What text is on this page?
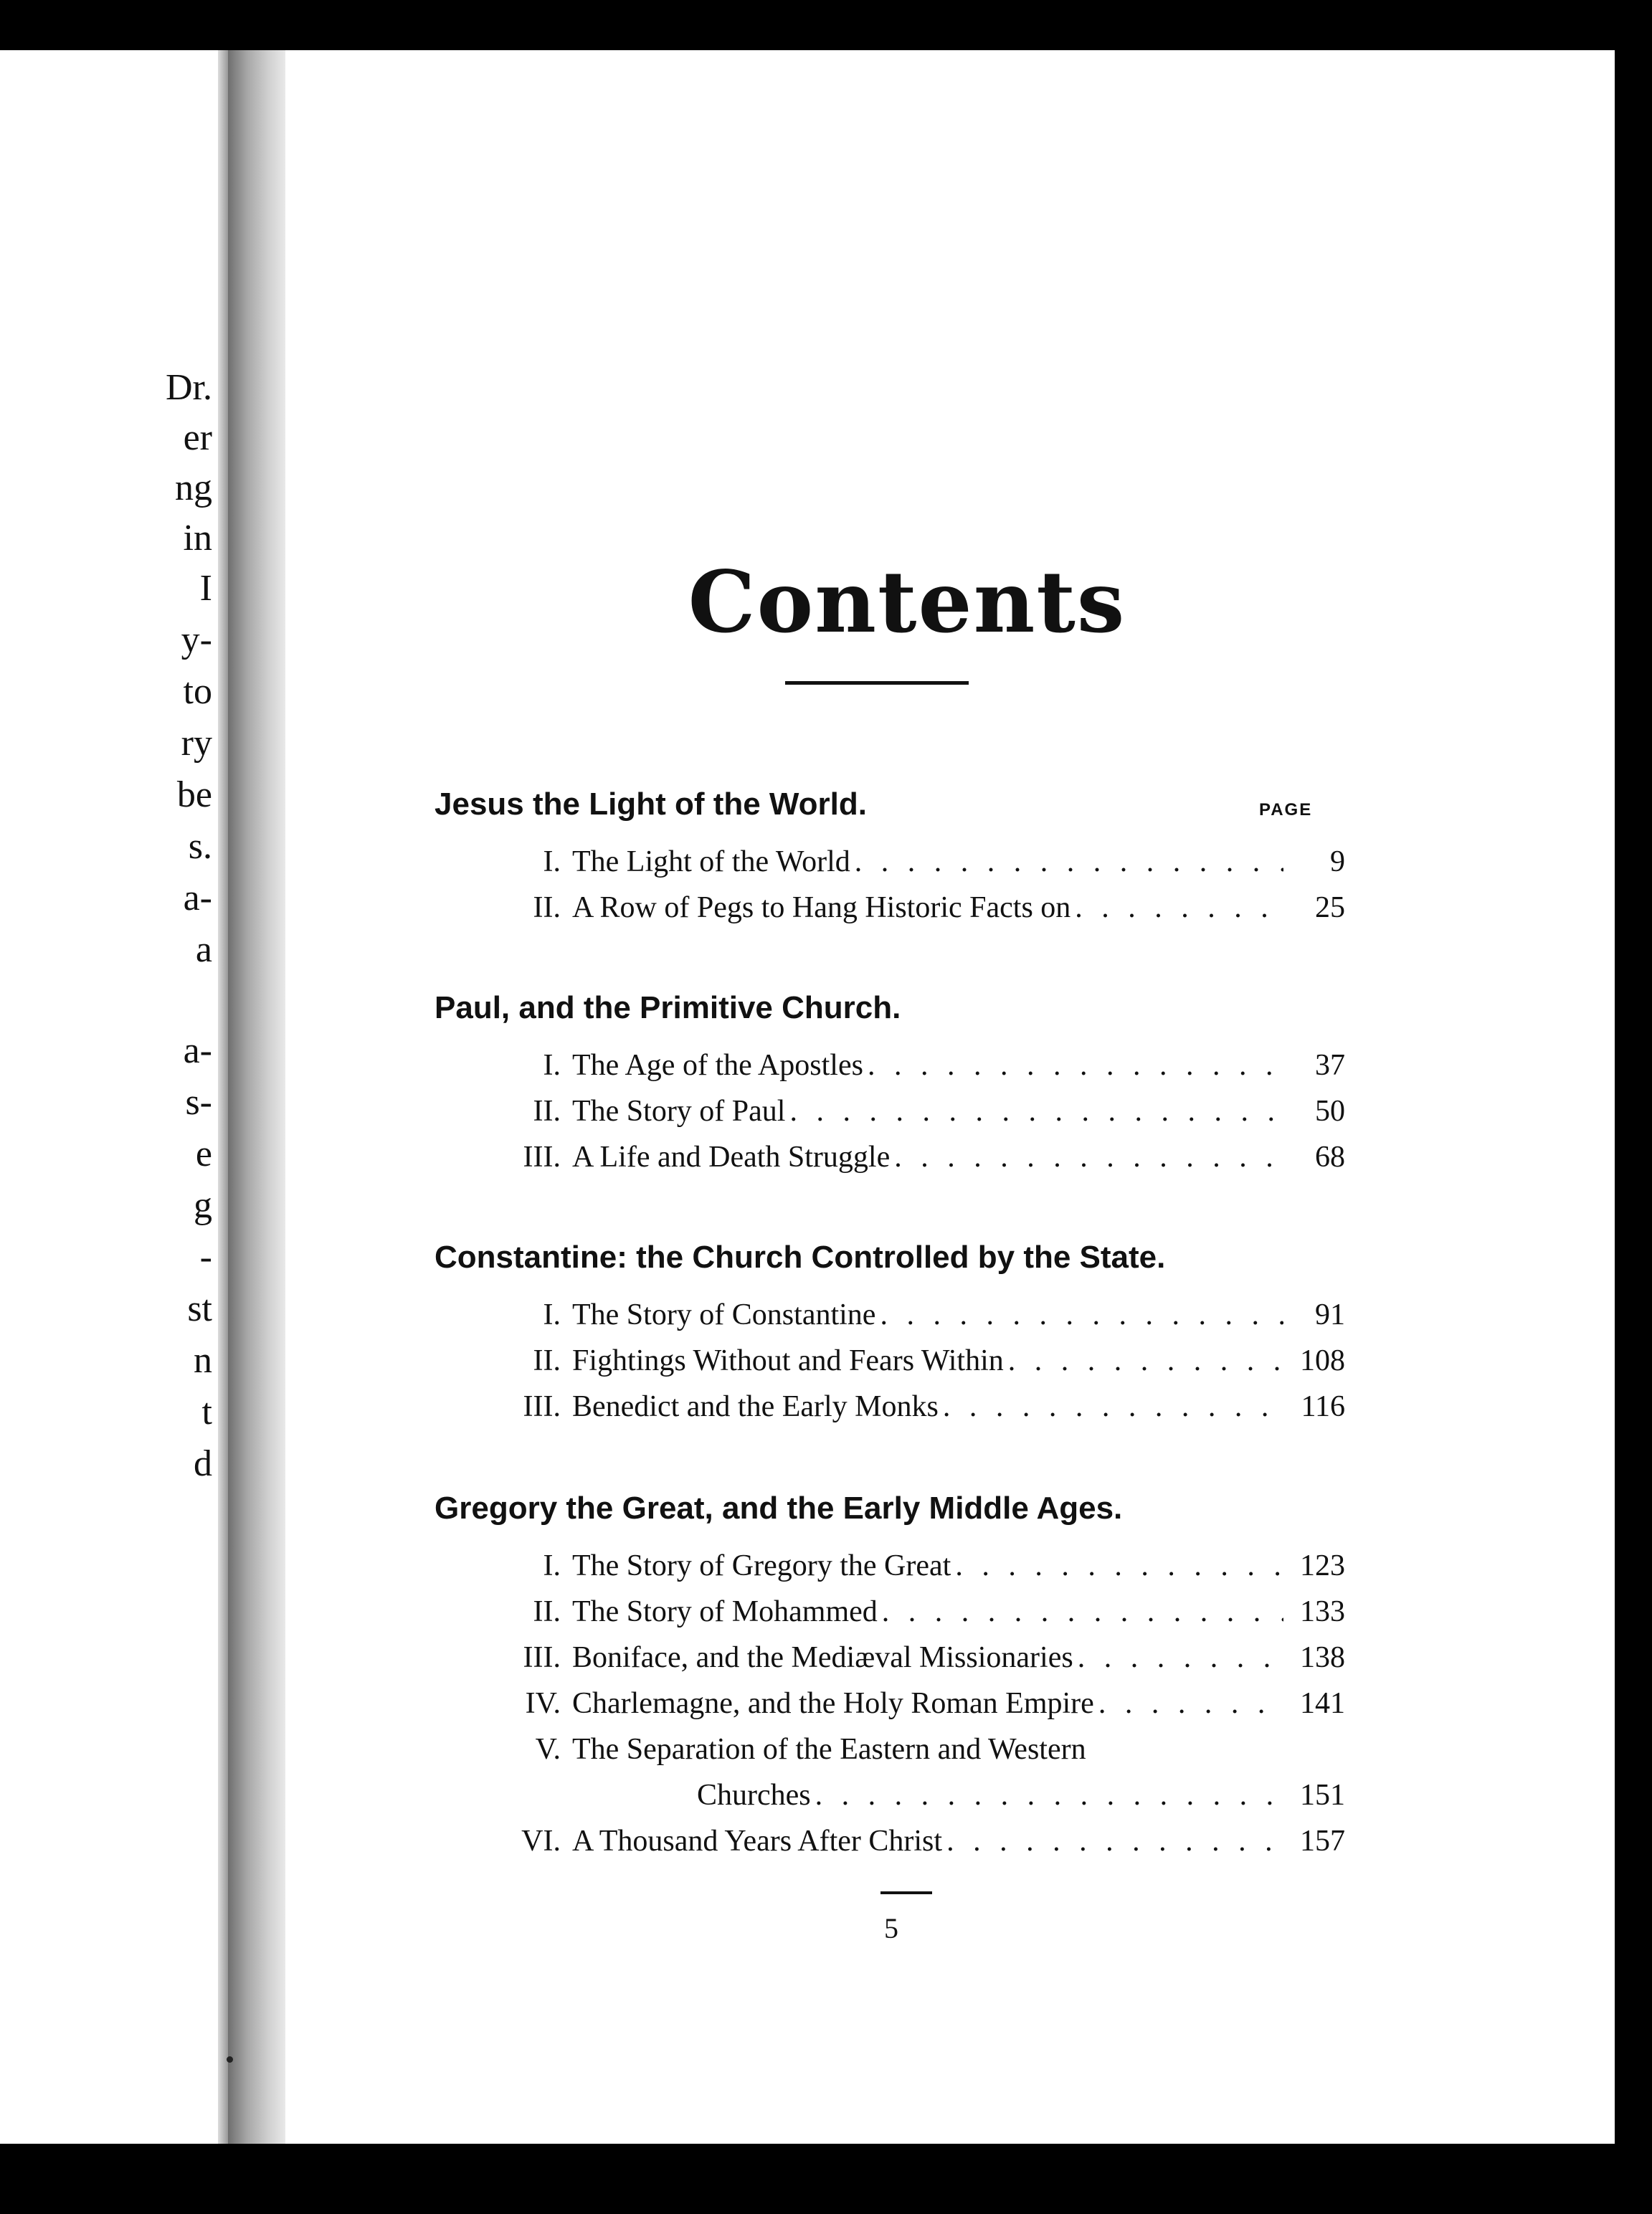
Dr.
er
ng
in
I
y-
to
ry
be
s.
a-
a
a-
s-
e
g
-
st
n
t
d
Contents
PAGE
Jesus the Light of the World.
I. The Light of the World . . .	9
II. A Row of Pegs to Hang Historic Facts on . . .	25
Paul, and the Primitive Church.
I. The Age of the Apostles . . .	37
II. The Story of Paul . . .	50
III. A Life and Death Struggle . . .	68
Constantine: the Church Controlled by the State.
I. The Story of Constantine . . .	91
II. Fightings Without and Fears Within . . .	108
III. Benedict and the Early Monks . . .	116
Gregory the Great, and the Early Middle Ages.
I. The Story of Gregory the Great . . .	123
II. The Story of Mohammed . . .	133
III. Boniface, and the Mediæval Missionaries . . .	138
IV. Charlemagne, and the Holy Roman Empire . . .	141
V. The Separation of the Eastern and Western
Churches . . .	151
VI. A Thousand Years After Christ . . .	157
5
